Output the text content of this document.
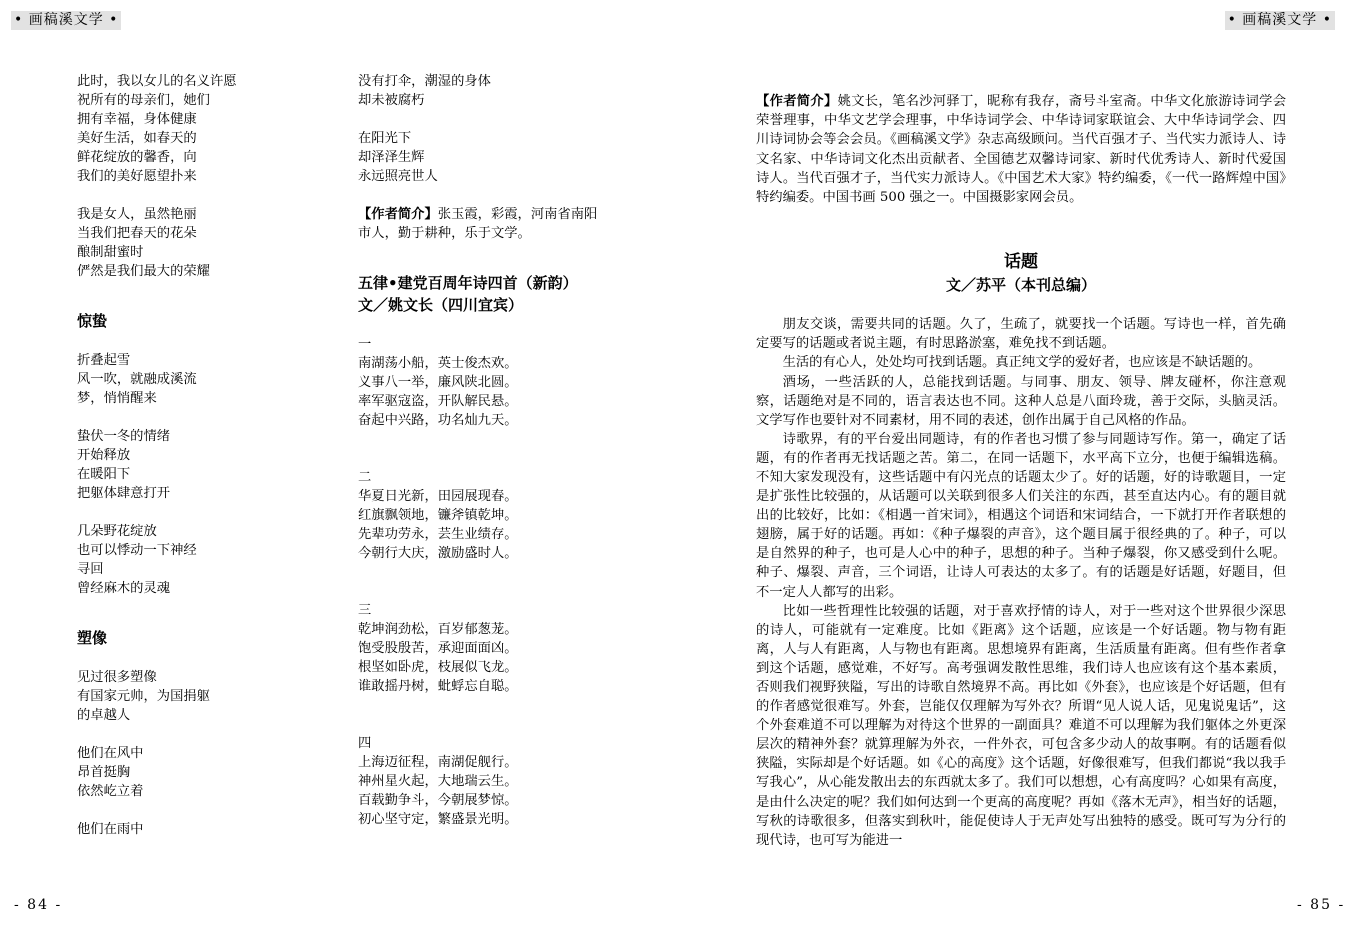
• 画稿溪文学 •	• 画稿溪文学 •
此时，我以女儿的名义许愿
祝所有的母亲们，她们
拥有幸福，身体健康
美好生活，如春天的
鲜花绽放的馨香，向
我们的美好愿望扑来
我是女人，虽然艳丽
当我们把春天的花朵
酿制甜蜜时
俨然是我们最大的荣耀
惊蛰
折叠起雪
风一吹，就融成溪流
梦，悄悄醒来
蛰伏一冬的情绪
开始释放
在暖阳下
把躯体肆意打开
几朵野花绽放
也可以悸动一下神经
寻回
曾经麻木的灵魂
塑像
见过很多塑像
有国家元帅，为国捐躯
的卓越人
他们在风中
昂首挺胸
依然屹立着
他们在雨中
没有打伞，潮湿的身体
却未被腐朽
在阳光下
却泽泽生辉
永远照亮世人
【作者简介】张玉霞，彩霞，河南省南阳
市人，勤于耕种，乐于文学。
五律•建党百周年诗四首（新韵）
文／姚文长（四川宜宾）
一
南湖荡小船，英士俊杰欢。
义事八一举，廉风陕北圆。
率军驱寇盗，开队解民悬。
奋起中兴路，功名灿九天。
二
华夏日光新，田园展现春。
红旗飘领地，镰斧镇乾坤。
先辈功劳永，芸生业绩存。
今朝行大庆，激励盛时人。
三
乾坤润劲松，百岁郁葱茏。
饱受股殷苦，承迎面面凶。
根坚如卧虎，枝展似飞龙。
谁敢摇丹树，蚍蜉忘自聪。
四
上海迈征程，南湖促舰行。
神州星火起，大地瑞云生。
百载勤争斗，今朝展梦惊。
初心坚守定，繁盛景光明。
【作者简介】姚文长，笔名沙河驿丁，昵称有我存，斋号斗室斋。中华文化旅游诗词学会荣誉理事，中华文艺学会理事，中华诗词学会、中华诗词家联谊会、大中华诗词学会、四川诗词协会等会会员。《画稿溪文学》杂志高级顾问。当代百强才子、当代实力派诗人、诗文名家、中华诗词文化杰出贡献者、全国德艺双馨诗词家、新时代优秀诗人、新时代爱国诗人。当代百强才子，当代实力派诗人。《中国艺术大家》特约编委，《一代一路辉煌中国》特约编委。中国书画 500 强之一。中国摄影家网会员。
话题
文／苏平（本刊总编）

朋友交谈，需要共同的话题。久了，生疏了，就要找一个话题。写诗也一样，首先确定要写的话题或者说主题，有时思路淤塞，难免找不到话题。

生活的有心人，处处均可找到话题。真正纯文学的爱好者，也应该是不缺话题的。

酒场，一些活跃的人，总能找到话题。与同事、朋友、领导、牌友碰杯，你注意观察，话题绝对是不同的，语言表达也不同。这种人总是八面玲珑，善于交际，头脑灵活。文学写作也要针对不同素材，用不同的表述，创作出属于自己风格的作品。

诗歌界，有的平台爱出同题诗，有的作者也习惯了参与同题诗写作。第一，确定了话题，有的作者再无找话题之苦。第二，在同一话题下，水平高下立分，也便于编辑选稿。不知大家发现没有，这些话题中有闪光点的话题太少了。好的话题，好的诗歌题目，一定是扩张性比较强的，从话题可以关联到很多人们关注的东西，甚至直达内心。有的题目就出的比较好，比如：《相遇一首宋词》，相遇这个词语和宋词结合，一下就打开作者联想的翅膀，属于好的话题。再如：《种子爆裂的声音》，这个题目属于很经典的了。种子，可以是自然界的种子，也可是人心中的种子，思想的种子。当种子爆裂，你又感受到什么呢。种子、爆裂、声音，三个词语，让诗人可表达的太多了。有的话题是好话题，好题目，但不一定人人都写的出彩。

比如一些哲理性比较强的话题，对于喜欢抒情的诗人，对于一些对这个世界很少深思的诗人，可能就有一定难度。比如《距离》这个话题，应该是一个好话题。物与物有距离，人与人有距离，人与物也有距离。思想境界有距离，生活质量有距离。但有些作者拿到这个话题，感觉难，不好写。高考强调发散性思维，我们诗人也应该有这个基本素质，否则我们视野狭隘，写出的诗歌自然境界不高。再比如《外套》，也应该是个好话题，但有的作者感觉很难写。外套，岂能仅仅理解为写外衣？所谓“见人说人话，见鬼说鬼话”，这个外套难道不可以理解为对待这个世界的一副面具？难道不可以理解为我们躯体之外更深层次的精神外套？就算理解为外衣，一件外衣，可包含多少动人的故事啊。有的话题看似狭隘，实际却是个好话题。如《心的高度》这个话题，好像很难写，但我们都说“我以我手写我心”，从心能发散出去的东西就太多了。我们可以想想，心有高度吗？心如果有高度，是由什么决定的呢？我们如何达到一个更高的高度呢？再如《落木无声》，相当好的话题，写秋的诗歌很多，但落实到秋叶，能促使诗人于无声处写出独特的感受。既可写为分行的现代诗，也可写为能进一

- 84 -	- 85 -
